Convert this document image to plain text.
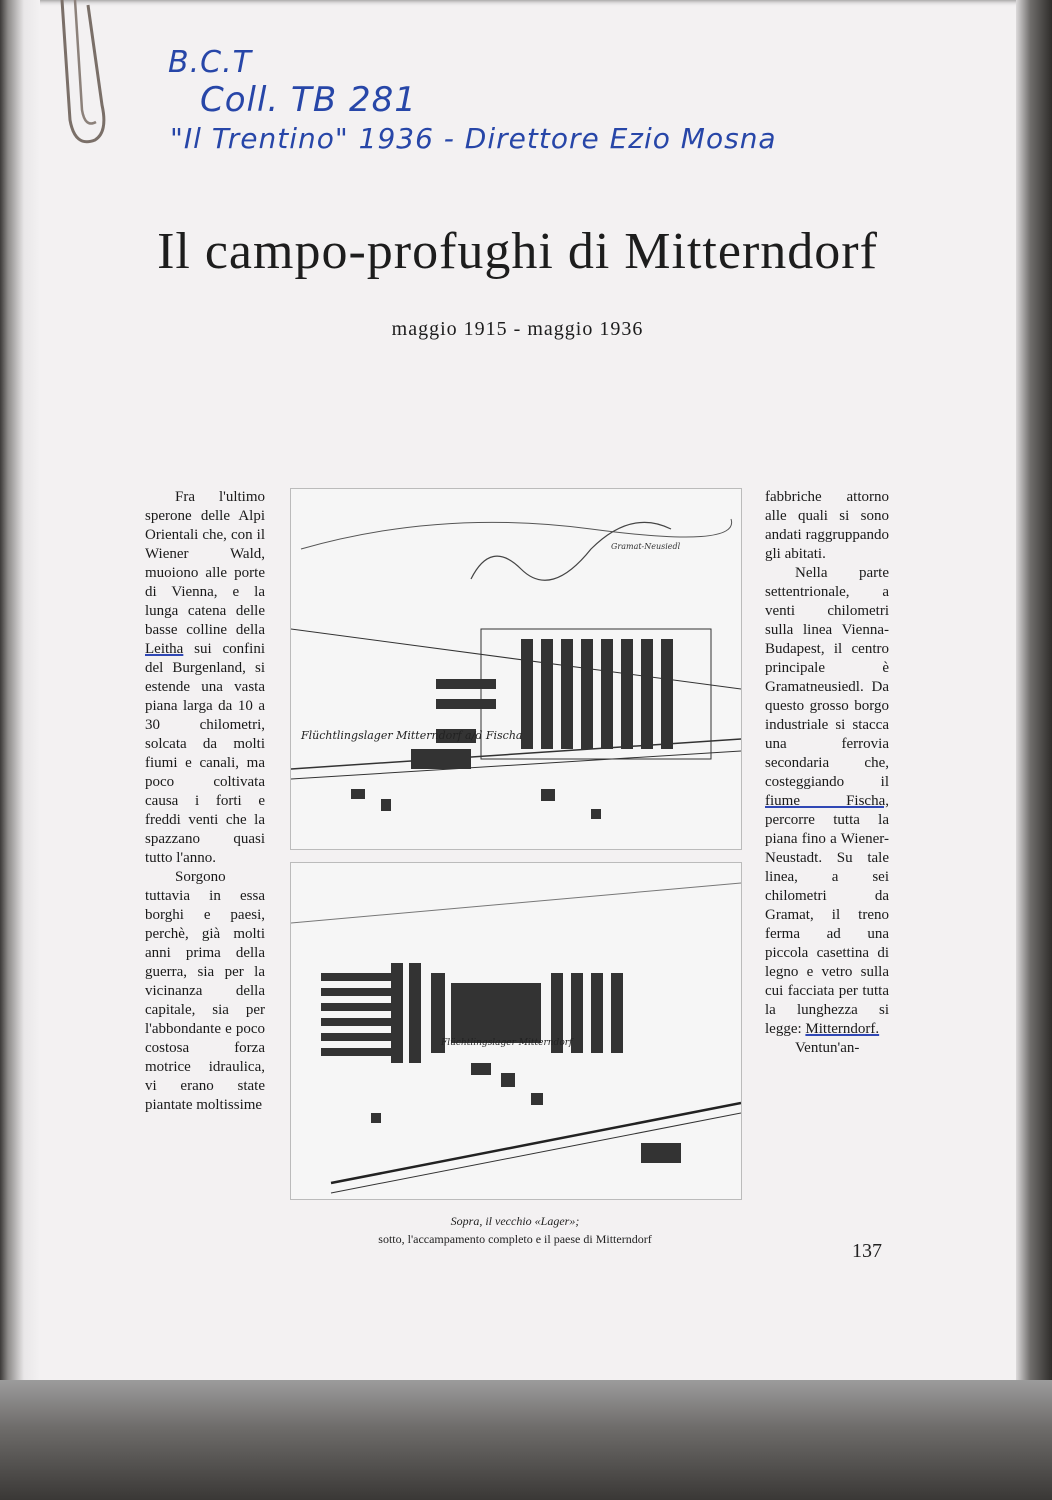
B.C.T
Coll. TB 281
"Il Trentino" 1936 - Direttore Ezio Mosna
Il campo-profughi di Mitterndorf
maggio 1915 - maggio 1936

Fra l'ultimo sperone delle Alpi Orientali che, con il Wiener Wald, muoiono alle porte di Vienna, e la lunga catena delle basse colline della Leitha sui confini del Burgenland, si estende una vasta piana larga da 10 a 30 chilometri, solcata da molti fiumi e canali, ma poco coltivata causa i forti e freddi venti che la spazzano quasi tutto l'anno.

Sorgono tuttavia in essa borghi e paesi, perchè, già molti anni prima della guerra, sia per la vicinanza della capitale, sia per l'abbondante e poco costosa forza motrice idraulica, vi erano state piantate moltissime

Flüchtlingslager Mitterndorf a/d Fischa
Gramat-Neusiedl
Flüchtlingslager Mitterndorf

fabbriche attorno alle quali si sono andati raggruppando gli abitati.

Nella parte settentrionale, a venti chilometri sulla linea Vienna-Budapest, il centro principale è Gramatneusiedl. Da questo grosso borgo industriale si stacca una ferrovia secondaria che, costeggiando il fiume Fischa, percorre tutta la piana fino a Wiener-Neustadt. Su tale linea, a sei chilometri da Gramat, il treno ferma ad una piccola casettina di legno e vetro sulla cui facciata per tutta la lunghezza si legge: Mitterndorf.

Ventun'an-

Sopra, il vecchio «Lager»;
sotto, l'accampamento completo e il paese di Mitterndorf
137
